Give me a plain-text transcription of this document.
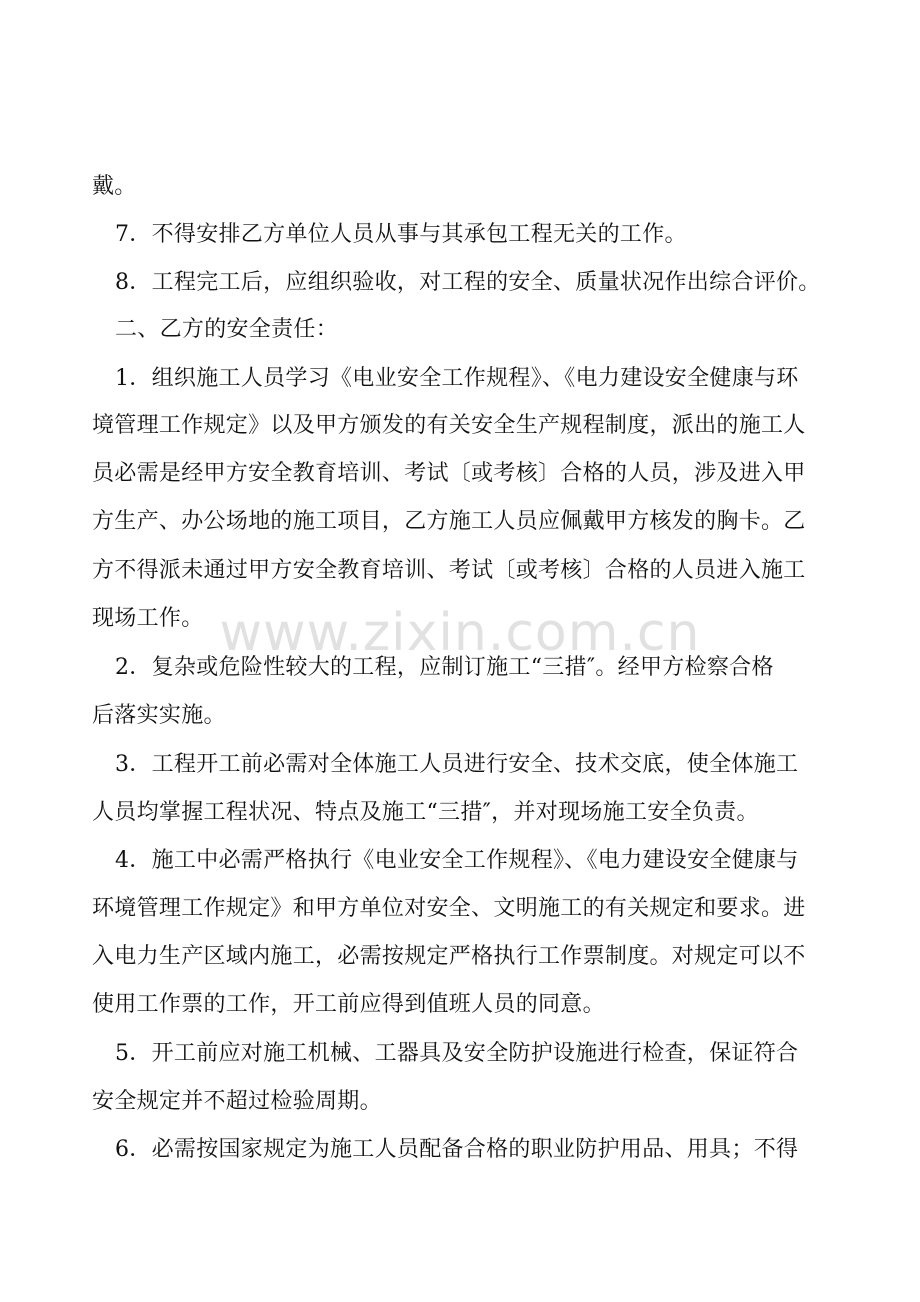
www.zixin.com.cn
戴。
7．不得安排乙方单位人员从事与其承包工程无关的工作。
8．工程完工后，应组织验收，对工程的安全、质量状况作出综合评价。
二、乙方的安全责任：
1．组织施工人员学习《电业安全工作规程》、《电力建设安全健康与环
境管理工作规定》以及甲方颁发的有关安全生产规程制度，派出的施工人
员必需是经甲方安全教育培训、考试〔或考核〕合格的人员，涉及进入甲
方生产、办公场地的施工项目，乙方施工人员应佩戴甲方核发的胸卡。乙
方不得派未通过甲方安全教育培训、考试〔或考核〕合格的人员进入施工
现场工作。
2．复杂或危险性较大的工程，应制订施工“三措″。经甲方检察合格
后落实实施。
3．工程开工前必需对全体施工人员进行安全、技术交底，使全体施工
人员均掌握工程状况、特点及施工“三措″，并对现场施工安全负责。
4．施工中必需严格执行《电业安全工作规程》、《电力建设安全健康与
环境管理工作规定》和甲方单位对安全、文明施工的有关规定和要求。进
入电力生产区域内施工，必需按规定严格执行工作票制度。对规定可以不
使用工作票的工作，开工前应得到值班人员的同意。
5．开工前应对施工机械、工器具及安全防护设施进行检查，保证符合
安全规定并不超过检验周期。
6．必需按国家规定为施工人员配备合格的职业防护用品、用具；不得
